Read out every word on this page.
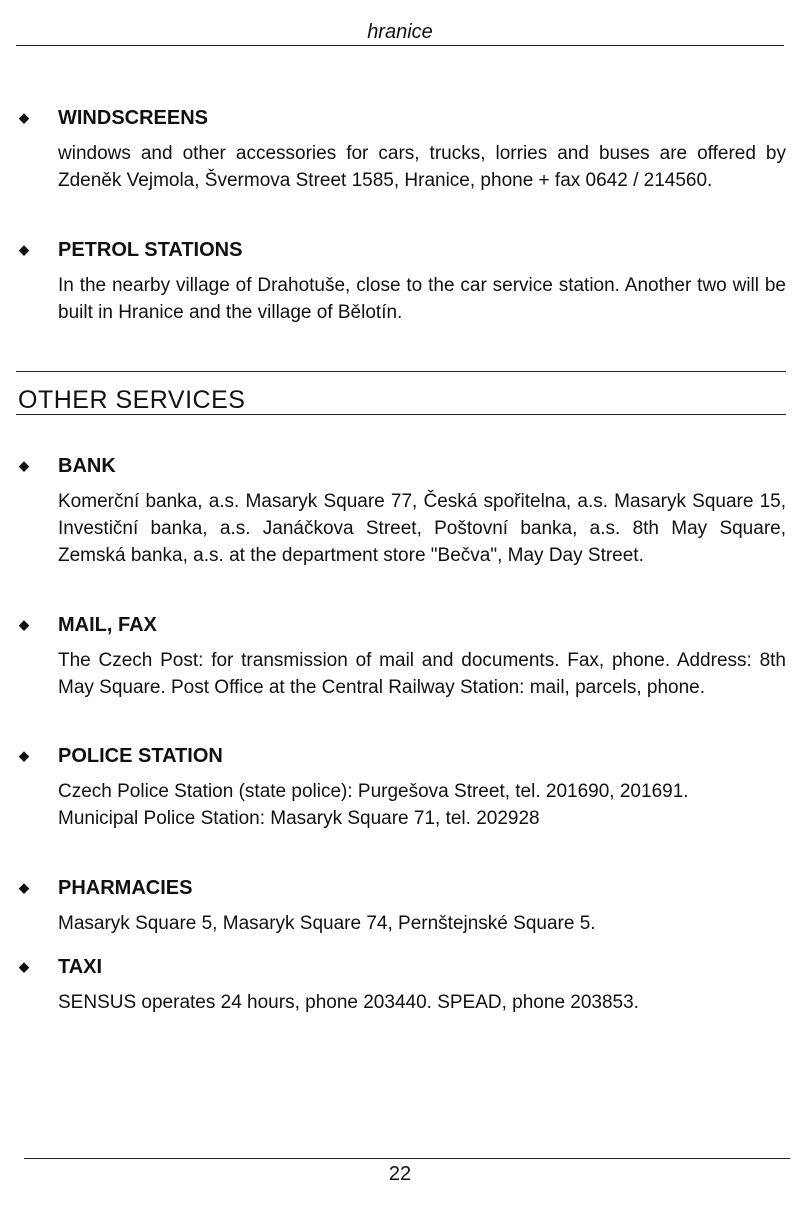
hranice
◆ WINDSCREENS

windows and other accessories for cars, trucks, lorries and buses are offered by Zdeněk Vejmola, Švermova Street 1585, Hranice, phone + fax 0642 / 214560.

◆ PETROL STATIONS

In the nearby village of Drahotuše, close to the car service station. Another two will be built in Hranice and the village of Bělotín.

OTHER SERVICES
◆ BANK

Komerční banka, a.s. Masaryk Square 77, Česká spořitelna, a.s. Masaryk Square 15, Investiční banka, a.s. Janáčkova Street, Poštovní banka, a.s. 8th May Square, Zemská banka, a.s. at the department store "Bečva", May Day Street.

◆ MAIL, FAX

The Czech Post: for transmission of mail and documents. Fax, phone. Address: 8th May Square. Post Office at the Central Railway Station: mail, parcels, phone.

◆ POLICE STATION

Czech Police Station (state police): Purgešova Street, tel. 201690, 201691.

Municipal Police Station: Masaryk Square 71, tel. 202928

◆ PHARMACIES

Masaryk Square 5, Masaryk Square 74, Pernštejnské Square 5.

◆ TAXI

SENSUS operates 24 hours, phone 203440. SPEAD, phone 203853.

22
